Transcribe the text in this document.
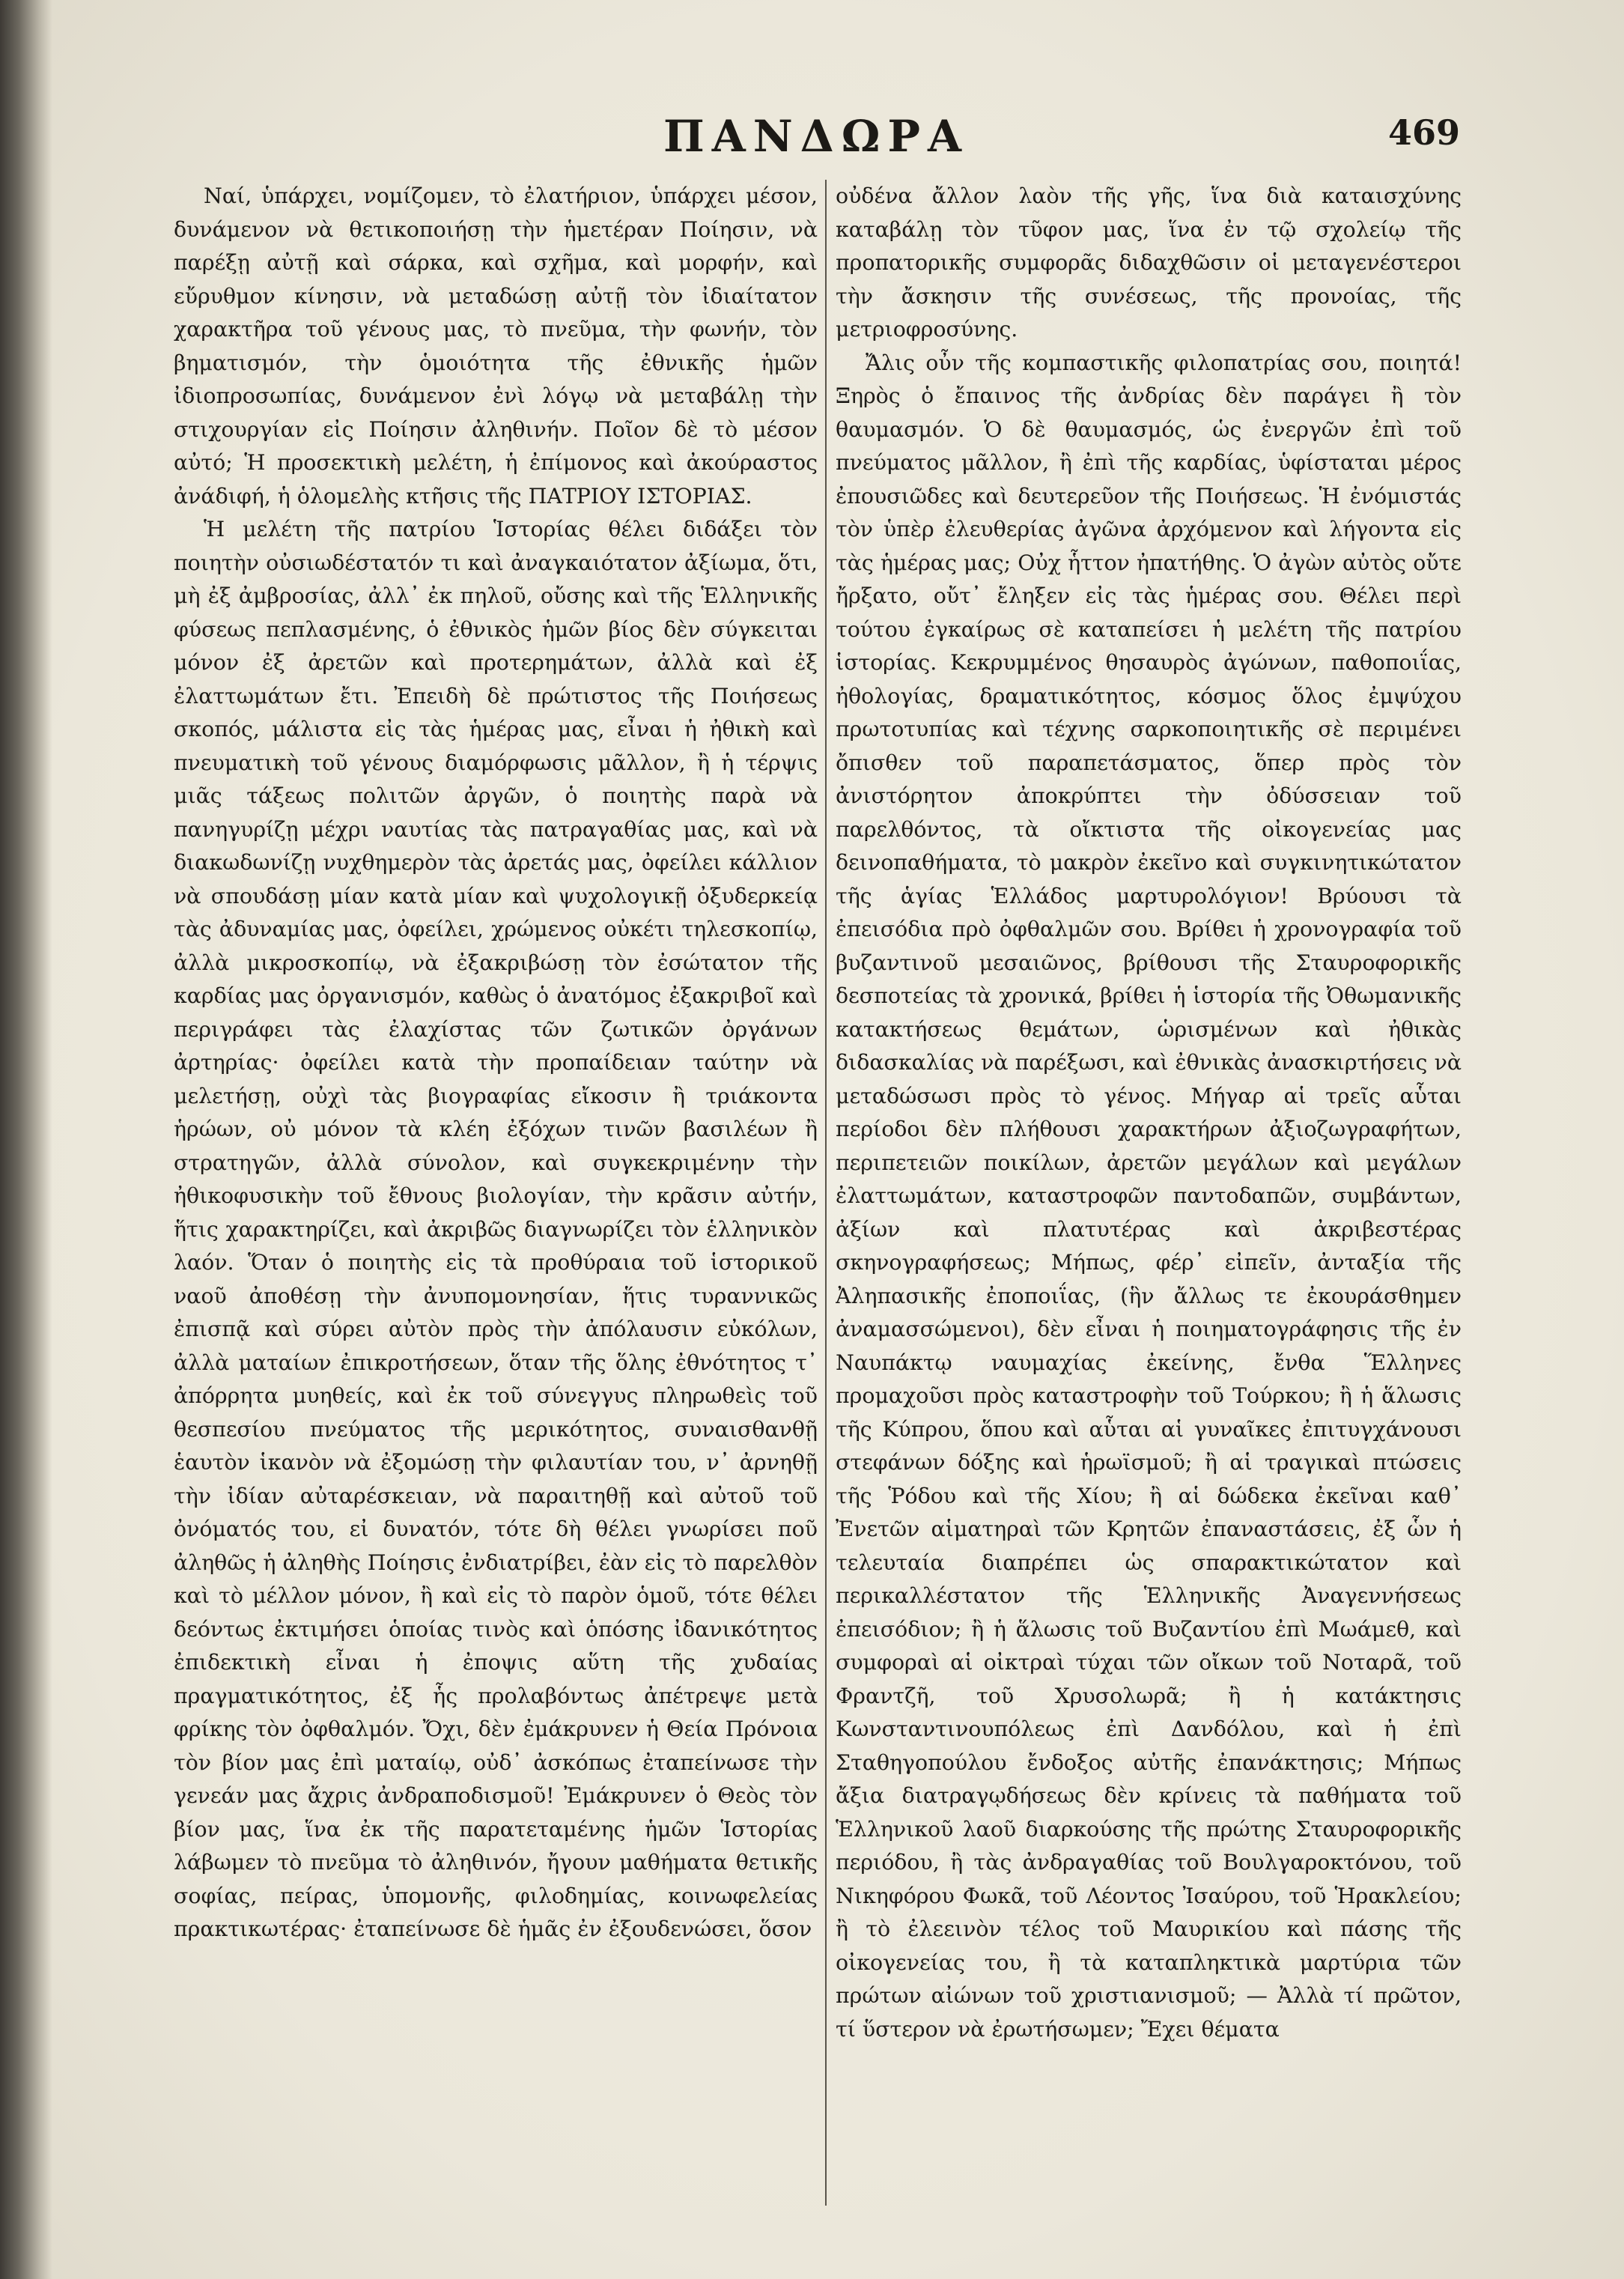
ΠΑΝΔΩΡΑ	469

Ναί, ὑπάρχει, νομίζομεν, τὸ ἐλατήριον, ὑπάρχει μέσον, δυνάμενον νὰ θετικοποιήσῃ τὴν ἡμετέραν Ποίησιν, νὰ παρέξῃ αὐτῇ καὶ σάρκα, καὶ σχῆμα, καὶ μορφήν, καὶ εὔρυθμον κίνησιν, νὰ μεταδώσῃ αὐτῇ τὸν ἰδιαίτατον χαρακτῆρα τοῦ γένους μας, τὸ πνεῦμα, τὴν φωνήν, τὸν βηματισμόν, τὴν ὁμοιότητα τῆς ἐθνικῆς ἡμῶν ἰδιοπροσωπίας, δυνάμενον ἐνὶ λόγῳ νὰ μεταβάλῃ τὴν στιχουργίαν εἰς Ποίησιν ἀληθινήν. Ποῖον δὲ τὸ μέσον αὐτό; Ἡ προσεκτικὴ μελέτη, ἡ ἐπίμονος καὶ ἀκούραστος ἀνάδιφή, ἡ ὁλομελὴς κτῆσις τῆς ΠΑΤΡΙΟΥ ΙΣΤΟΡΙΑΣ.

Ἡ μελέτη τῆς πατρίου Ἱστορίας θέλει διδάξει τὸν ποιητὴν οὐσιωδέστατόν τι καὶ ἀναγκαιότατον ἀξίωμα, ὅτι, μὴ ἐξ ἀμβροσίας, ἀλλ᾽ ἐκ πηλοῦ, οὔσης καὶ τῆς Ἑλληνικῆς φύσεως πεπλασμένης, ὁ ἐθνικὸς ἡμῶν βίος δὲν σύγκειται μόνον ἐξ ἀρετῶν καὶ προτερημάτων, ἀλλὰ καὶ ἐξ ἐλαττωμάτων ἔτι. Ἐπειδὴ δὲ πρώτιστος τῆς Ποιήσεως σκοπός, μάλιστα εἰς τὰς ἡμέρας μας, εἶναι ἡ ἠθικὴ καὶ πνευματικὴ τοῦ γένους διαμόρφωσις μᾶλλον, ἢ ἡ τέρψις μιᾶς τάξεως πολιτῶν ἀργῶν, ὁ ποιητὴς παρὰ νὰ πανηγυρίζῃ μέχρι ναυτίας τὰς πατραγαθίας μας, καὶ νὰ διακωδωνίζῃ νυχθημερὸν τὰς ἀρετάς μας, ὀφείλει κάλλιον νὰ σπουδάσῃ μίαν κατὰ μίαν καὶ ψυχολογικῇ ὀξυδερκείᾳ τὰς ἀδυναμίας μας, ὀφείλει, χρώμενος οὐκέτι τηλεσκοπίῳ, ἀλλὰ μικροσκοπίῳ, νὰ ἐξακριβώσῃ τὸν ἐσώτατον τῆς καρδίας μας ὀργανισμόν, καθὼς ὁ ἀνατόμος ἐξακριβοῖ καὶ περιγράφει τὰς ἐλαχίστας τῶν ζωτικῶν ὀργάνων ἀρτηρίας· ὀφείλει κατὰ τὴν προπαίδειαν ταύτην νὰ μελετήσῃ, οὐχὶ τὰς βιογραφίας εἴκοσιν ἢ τριάκοντα ἡρώων, οὐ μόνον τὰ κλέη ἐξόχων τινῶν βασιλέων ἢ στρατηγῶν, ἀλλὰ σύνολον, καὶ συγκεκριμένην τὴν ἠθικοφυσικὴν τοῦ ἔθνους βιολογίαν, τὴν κρᾶσιν αὐτήν, ἥτις χαρακτηρίζει, καὶ ἀκριβῶς διαγνωρίζει τὸν ἑλληνικὸν λαόν. Ὅταν ὁ ποιητὴς εἰς τὰ προθύραια τοῦ ἱστορικοῦ ναοῦ ἀποθέσῃ τὴν ἀνυπομονησίαν, ἥτις τυραννικῶς ἐπισπᾷ καὶ σύρει αὐτὸν πρὸς τὴν ἀπόλαυσιν εὐκόλων, ἀλλὰ ματαίων ἐπικροτήσεων, ὅταν τῆς ὅλης ἐθνότητος τ᾽ ἀπόρρητα μυηθείς, καὶ ἐκ τοῦ σύνεγγυς πληρωθεὶς τοῦ θεσπεσίου πνεύματος τῆς μερικότητος, συναισθανθῇ ἑαυτὸν ἱκανὸν νὰ ἐξομώσῃ τὴν φιλαυτίαν του, ν᾽ ἀρνηθῇ τὴν ἰδίαν αὐταρέσκειαν, νὰ παραιτηθῇ καὶ αὐτοῦ τοῦ ὀνόματός του, εἰ δυνατόν, τότε δὴ θέλει γνωρίσει ποῦ ἀληθῶς ἡ ἀληθὴς Ποίησις ἐνδιατρίβει, ἐὰν εἰς τὸ παρελθὸν καὶ τὸ μέλλον μόνον, ἢ καὶ εἰς τὸ παρὸν ὁμοῦ, τότε θέλει δεόντως ἐκτιμήσει ὁποίας τινὸς καὶ ὁπόσης ἰδανικότητος ἐπιδεκτικὴ εἶναι ἡ ἐποψις αὕτη τῆς χυδαίας πραγματικότητος, ἐξ ἧς προλαβόντως ἀπέτρεψε μετὰ φρίκης τὸν ὀφθαλμόν. Ὄχι, δὲν ἐμάκρυνεν ἡ Θεία Πρόνοια τὸν βίον μας ἐπὶ ματαίῳ, οὐδ᾽ ἀσκόπως ἐταπείνωσε τὴν γενεάν μας ἄχρις ἀνδραποδισμοῦ! Ἐμάκρυνεν ὁ Θεὸς τὸν βίον μας, ἵνα ἐκ τῆς παρατεταμένης ἡμῶν Ἱστορίας λάβωμεν τὸ πνεῦμα τὸ ἀληθινόν, ἤγουν μαθήματα θετικῆς σοφίας, πείρας, ὑπομονῆς, φιλοδημίας, κοινωφελείας πρακτικωτέρας· ἐταπείνωσε δὲ ἡμᾶς ἐν ἐξουδενώσει, ὅσον

οὐδένα ἄλλον λαὸν τῆς γῆς, ἵνα διὰ καταισχύνης καταβάλῃ τὸν τῦφον μας, ἵνα ἐν τῷ σχολείῳ τῆς προπατορικῆς συμφορᾶς διδαχθῶσιν οἱ μεταγενέστεροι τὴν ἄσκησιν τῆς συνέσεως, τῆς προνοίας, τῆς μετριοφροσύνης.

Ἄλις οὖν τῆς κομπαστικῆς φιλοπατρίας σου, ποιητά! Ξηρὸς ὁ ἔπαινος τῆς ἀνδρίας δὲν παράγει ἢ τὸν θαυμασμόν. Ὁ δὲ θαυμασμός, ὡς ἐνεργῶν ἐπὶ τοῦ πνεύματος μᾶλλον, ἢ ἐπὶ τῆς καρδίας, ὑφίσταται μέρος ἐπουσιῶδες καὶ δευτερεῦον τῆς Ποιήσεως. Ἡ ἐνόμιστάς τὸν ὑπὲρ ἐλευθερίας ἀγῶνα ἀρχόμενον καὶ λήγοντα εἰς τὰς ἡμέρας μας; Οὐχ ἧττον ἠπατήθης. Ὁ ἀγὼν αὐτὸς οὔτε ἤρξατο, οὔτ᾽ ἔληξεν εἰς τὰς ἡμέρας σου. Θέλει περὶ τούτου ἐγκαίρως σὲ καταπείσει ἡ μελέτη τῆς πατρίου ἱστορίας. Κεκρυμμένος θησαυρὸς ἀγώνων, παθοποιΐας, ἠθολογίας, δραματικότητος, κόσμος ὅλος ἐμψύχου πρωτοτυπίας καὶ τέχνης σαρκοποιητικῆς σὲ περιμένει ὄπισθεν τοῦ παραπετάσματος, ὅπερ πρὸς τὸν ἀνιστόρητον ἀποκρύπτει τὴν ὀδύσσειαν τοῦ παρελθόντος, τὰ οἴκτιστα τῆς οἰκογενείας μας δεινοπαθήματα, τὸ μακρὸν ἐκεῖνο καὶ συγκινητικώτατον τῆς ἁγίας Ἑλλάδος μαρτυρολόγιον! Βρύουσι τὰ ἐπεισόδια πρὸ ὀφθαλμῶν σου. Βρίθει ἡ χρονογραφία τοῦ βυζαντινοῦ μεσαιῶνος, βρίθουσι τῆς Σταυροφορικῆς δεσποτείας τὰ χρονικά, βρίθει ἡ ἱστορία τῆς Ὀθωμανικῆς κατακτήσεως θεμάτων, ὡρισμένων καὶ ἠθικὰς διδασκαλίας νὰ παρέξωσι, καὶ ἐθνικὰς ἀνασκιρτήσεις νὰ μεταδώσωσι πρὸς τὸ γένος. Μήγαρ αἱ τρεῖς αὗται περίοδοι δὲν πλήθουσι χαρακτήρων ἀξιοζωγραφήτων, περιπετειῶν ποικίλων, ἀρετῶν μεγάλων καὶ μεγάλων ἐλαττωμάτων, καταστροφῶν παντοδαπῶν, συμβάντων, ἀξίων καὶ πλατυτέρας καὶ ἀκριβεστέρας σκηνογραφήσεως; Μήπως, φέρ᾽ εἰπεῖν, ἀνταξία τῆς Ἀληπασικῆς ἐποποιΐας, (ἣν ἄλλως τε ἐκουράσθημεν ἀναμασσώμενοι), δὲν εἶναι ἡ ποιηματογράφησις τῆς ἐν Ναυπάκτῳ ναυμαχίας ἐκείνης, ἔνθα Ἕλληνες προμαχοῦσι πρὸς καταστροφὴν τοῦ Τούρκου; ἢ ἡ ἅλωσις τῆς Κύπρου, ὅπου καὶ αὗται αἱ γυναῖκες ἐπιτυγχάνουσι στεφάνων δόξης καὶ ἡρωϊσμοῦ; ἢ αἱ τραγικαὶ πτώσεις τῆς Ῥόδου καὶ τῆς Χίου; ἢ αἱ δώδεκα ἐκεῖναι καθ᾽ Ἐνετῶν αἱματηραὶ τῶν Κρητῶν ἐπαναστάσεις, ἐξ ὧν ἡ τελευταία διαπρέπει ὡς σπαρακτικώτατον καὶ περικαλλέστατον τῆς Ἑλληνικῆς Ἀναγεννήσεως ἐπεισόδιον; ἢ ἡ ἅλωσις τοῦ Βυζαντίου ἐπὶ Μωάμεθ, καὶ συμφοραὶ αἱ οἰκτραὶ τύχαι τῶν οἴκων τοῦ Νοταρᾶ, τοῦ Φραντζῆ, τοῦ Χρυσολωρᾶ; ἢ ἡ κατάκτησις Κωνσταντινουπόλεως ἐπὶ Δανδόλου, καὶ ἡ ἐπὶ Σταθηγοπούλου ἔνδοξος αὐτῆς ἐπανάκτησις; Μήπως ἄξια διατραγῳδήσεως δὲν κρίνεις τὰ παθήματα τοῦ Ἑλληνικοῦ λαοῦ διαρκούσης τῆς πρώτης Σταυροφορικῆς περιόδου, ἢ τὰς ἀνδραγαθίας τοῦ Βουλγαροκτόνου, τοῦ Νικηφόρου Φωκᾶ, τοῦ Λέοντος Ἰσαύρου, τοῦ Ἡρακλείου; ἢ τὸ ἐλεεινὸν τέλος τοῦ Μαυρικίου καὶ πάσης τῆς οἰκογενείας του, ἢ τὰ καταπληκτικὰ μαρτύρια τῶν πρώτων αἰώνων τοῦ χριστιανισμοῦ; — Ἀλλὰ τί πρῶτον, τί ὕστερον νὰ ἐρωτήσωμεν; Ἔχει θέματα
